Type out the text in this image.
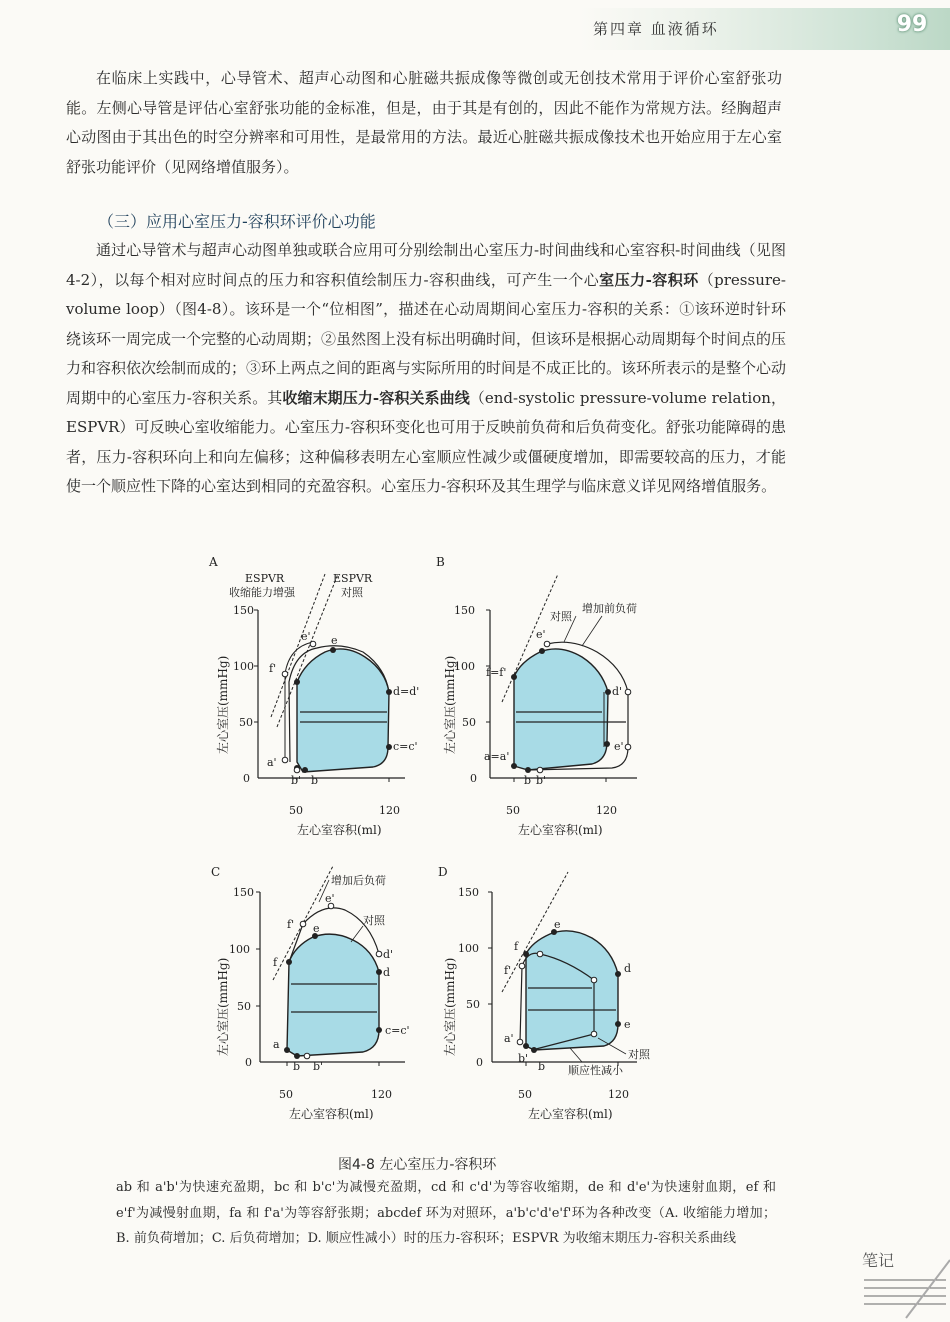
第四章 血液循环	99

在临床上实践中，心导管术、超声心动图和心脏磁共振成像等微创或无创技术常用于评价心室舒张功能。左侧心导管是评估心室舒张功能的金标准，但是，由于其是有创的，因此不能作为常规方法。经胸超声心动图由于其出色的时空分辨率和可用性，是最常用的方法。最近心脏磁共振成像技术也开始应用于左心室舒张功能评价（见网络增值服务）。

（三）应用心室压力-容积环评价心功能

通过心导管术与超声心动图单独或联合应用可分别绘制出心室压力-时间曲线和心室容积-时间曲线（见图4-2），以每个相对应时间点的压力和容积值绘制压力-容积曲线，可产生一个心室压力-容积环（pressure-volume loop）（图4-8）。该环是一个“位相图”，描述在心动周期间心室压力-容积的关系：①该环逆时针环绕该环一周完成一个完整的心动周期；②虽然图上没有标出明确时间，但该环是根据心动周期每个时间点的压力和容积依次绘制而成的；③环上两点之间的距离与实际所用的时间是不成正比的。该环所表示的是整个心动周期中的心室压力-容积关系。其收缩末期压力-容积关系曲线（end-systolic pressure-volume relation，ESPVR）可反映心室收缩能力。心室压力-容积环变化也可用于反映前负荷和后负荷变化。舒张功能障碍的患者，压力-容积环向上和向左偏移；这种偏移表明左心室顺应性减少或僵硬度增加，即需要较高的压力，才能使一个顺应性下降的心室达到相同的充盈容积。心室压力-容积环及其生理学与临床意义详见网络增值服务。

A
左心室压(mmHg)
150
100
50
0
50	120
左心室容积(ml)
ESPVR
收缩能力增强
ESPVR
对照
f'
e' e
d=d'
c=c'
a'
b' b
B
左心室压(mmHg)
150
100
50
0
50	120
左心室容积(ml)
对照
增加前负荷
f=f'
e'
d'
e'
a=a'
b b'
C
左心室压(mmHg)
150
100
50
0
50	120
左心室容积(ml)
增加后负荷
对照
f
f'
e'
e
d'
d
c=c'
a
b b'
D
左心室压(mmHg)
150
100
50
0
50	120
左心室容积(ml)
f
f'
e
d
e
a'
b'
b
对照
顺应性减小
图4-8 左心室压力-容积环

ab 和 a'b'为快速充盈期，bc 和 b'c'为减慢充盈期，cd 和 c'd'为等容收缩期，de 和 d'e'为快速射血期，ef 和 e'f'为减慢射血期，fa 和 f'a'为等容舒张期；abcdef 环为对照环，a'b'c'd'e'f'环为各种改变（A. 收缩能力增加；B. 前负荷增加；C. 后负荷增加；D. 顺应性减小）时的压力-容积环；ESPVR 为收缩末期压力-容积关系曲线

笔记
